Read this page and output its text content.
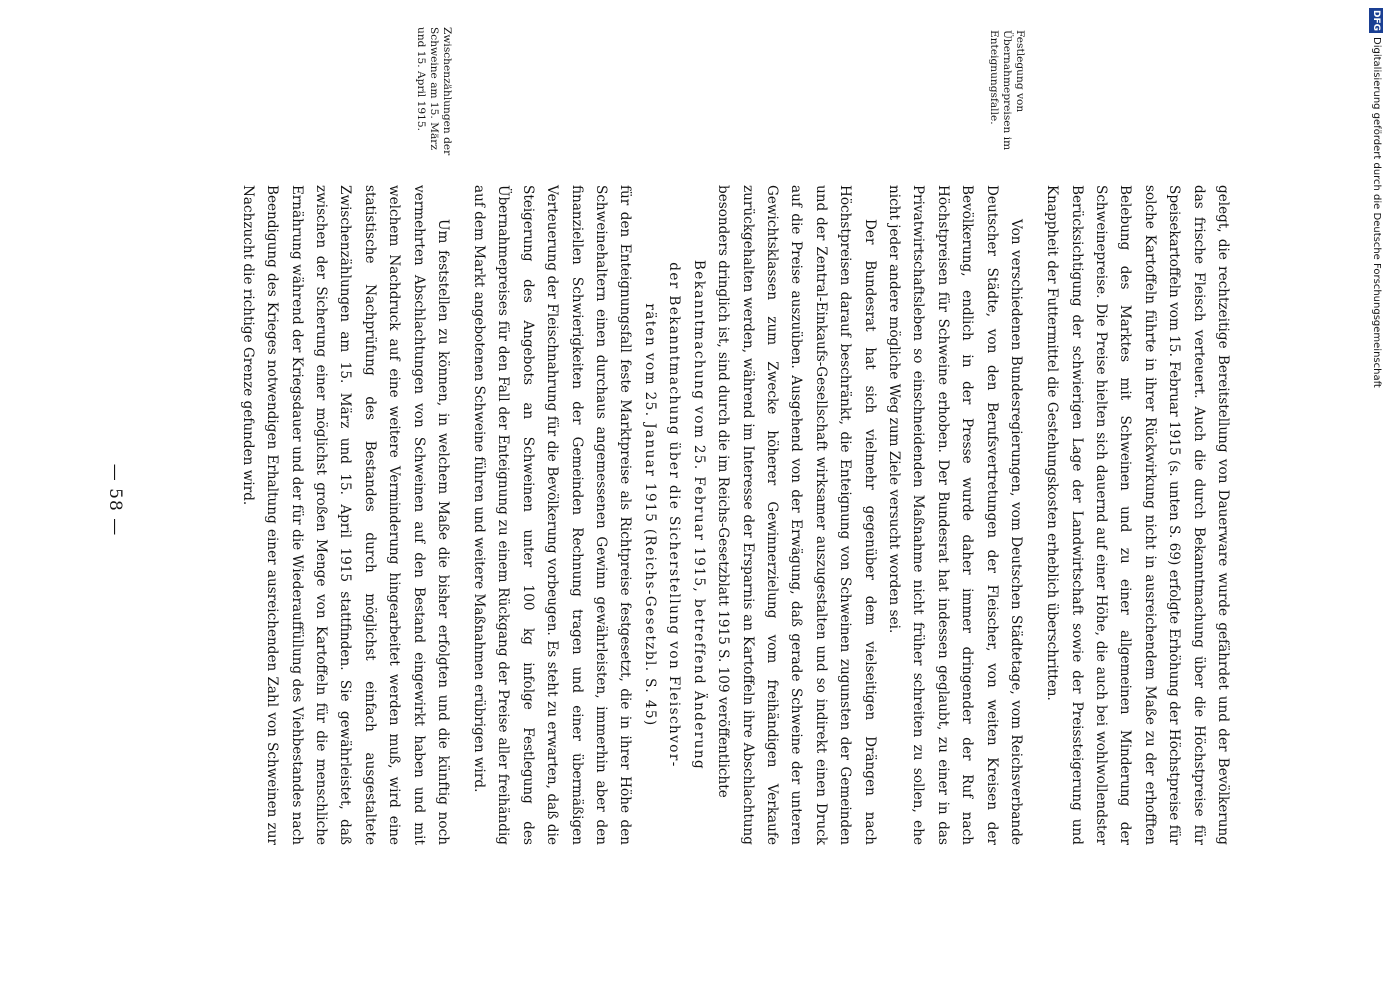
— 58 —	gelegt, die rechtzeitige Bereitstellung von Dauerware wurde gefährdet und der Bevölkerung das frische Fleisch verteuert. Auch die durch Bekanntmachung über die Höchstpreise für Speisekartoffeln vom 15. Februar 1915 (s. unten S. 69) erfolgte Erhöhung der Höchstpreise für solche Kartoffeln führte in ihrer Rückwirkung nicht in ausreichendem Maße zu der erhofften Belebung des Marktes mit Schweinen und zu einer allgemeinen Minderung der Schweinepreise. Die Preise hielten sich dauernd auf einer Höhe, die auch bei wohlwollendster Berücksichtigung der schwierigen Lage der Landwirtschaft sowie der Preissteigerung und Knappheit der Futtermittel die Gestehungskosten erheblich überschritten.

Festlegung von Übernahmepreisen im Enteignungsfalle.

Von verschiedenen Bundesregierungen, vom Deutschen Städtetage, vom Reichsverbande Deutscher Städte, von den Berufsvertretungen der Fleischer, von weiten Kreisen der Bevölkerung, endlich in der Presse wurde daher immer dringender der Ruf nach Höchstpreisen für Schweine erhoben. Der Bundesrat hat indessen geglaubt, zu einer in das Privatwirtschaftsleben so einschneidenden Maßnahme nicht früher schreiten zu sollen, ehe nicht jeder andere mögliche Weg zum Ziele versucht worden sei.

Der Bundesrat hat sich vielmehr gegenüber dem vielseitigen Drängen nach Höchstpreisen darauf beschränkt, die Enteignung von Schweinen zugunsten der Gemeinden und der Zentral-Einkaufs-Gesellschaft wirksamer auszugestalten und so indirekt einen Druck auf die Preise auszuüben. Ausgehend von der Erwägung, daß gerade Schweine der unteren Gewichtsklassen zum Zwecke höherer Gewinnerzielung vom freihändigen Verkaufe zurückgehalten werden, während im Interesse der Ersparnis an Kartoffeln ihre Abschlachtung besonders dringlich ist, sind durch die im Reichs-Gesetzblatt 1915 S. 109 veröffentlichte

Bekanntmachung vom 25. Februar 1915, betreffend Änderung

der Bekanntmachung über die Sicherstellung von Fleischvor-

räten vom 25. Januar 1915 (Reichs-Gesetzbl. S. 45)

für den Enteignungsfall feste Marktpreise als Richtpreise festgesetzt, die in ihrer Höhe den Schweinehaltern einen durchaus angemessenen Gewinn gewährleisten, immerhin aber den finanziellen Schwierigkeiten der Gemeinden Rechnung tragen und einer übermäßigen Verteuerung der Fleischnahrung für die Bevölkerung vorbeugen. Es steht zu erwarten, daß die Steigerung des Angebots an Schweinen unter 100 kg infolge Festlegung des Übernahmepreises für den Fall der Enteignung zu einem Rückgang der Preise aller freihändig auf dem Markt angebotenen Schweine führen und weitere Maßnahmen erübrigen wird.

Zwischenzählungen der Schweine am 15. März und 15. April 1915.

Um feststellen zu können, in welchem Maße die bisher erfolgten und die künftig noch vermehrten Abschlachtungen von Schweinen auf den Bestand eingewirkt haben und mit welchem Nachdruck auf eine weitere Verminderung hingearbeitet werden muß, wird eine statistische Nachprüfung des Bestandes durch möglichst einfach ausgestaltete Zwischenzählungen am 15. März und 15. April 1915 stattfinden. Sie gewährleistet, daß zwischen der Sicherung einer möglichst großen Menge von Kartoffeln für die menschliche Ernährung während der Kriegsdauer und der für die Wiederauffüllung des Viehbestandes nach Beendigung des Krieges notwendigen Erhaltung einer ausreichenden Zahl von Schweinen zur Nachzucht die richtige Grenze gefunden wird.

DFG
Digitalisierung gefördert durch die Deutsche Forschungsgemeinschaft
